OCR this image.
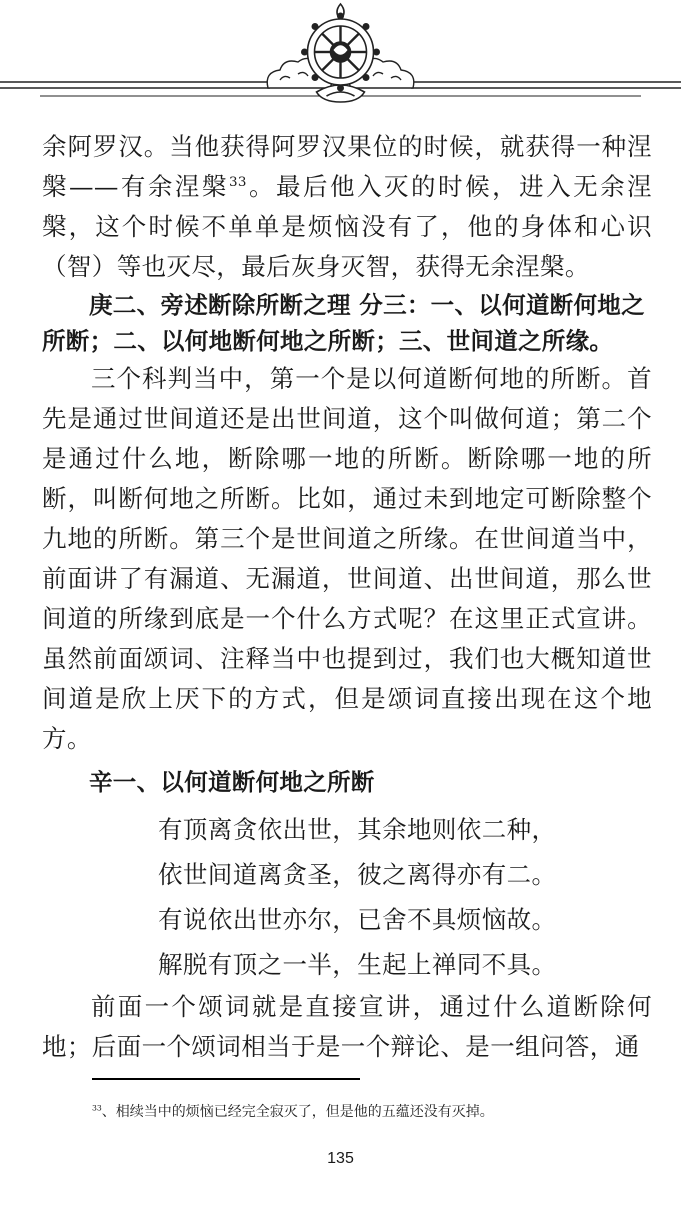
余阿罗汉。当他获得阿罗汉果位的时候，就获得一种涅槃——有余涅槃$^{33}$。最后他入灭的时候，进入无余涅槃，这个时候不单单是烦恼没有了，他的身体和心识（智）等也灭尽，最后灰身灭智，获得无余涅槃。

庚二、旁述断除所断之理 分三：一、以何道断何地之所断；二、以何地断何地之所断；三、世间道之所缘。

三个科判当中，第一个是以何道断何地的所断。首先是通过世间道还是出世间道，这个叫做何道；第二个是通过什么地，断除哪一地的所断。断除哪一地的所断，叫断何地之所断。比如，通过未到地定可断除整个九地的所断。第三个是世间道之所缘。在世间道当中，前面讲了有漏道、无漏道，世间道、出世间道，那么世间道的所缘到底是一个什么方式呢？在这里正式宣讲。虽然前面颂词、注释当中也提到过，我们也大概知道世间道是欣上厌下的方式，但是颂词直接出现在这个地方。

辛一、以何道断何地之所断
有顶离贪依出世，其余地则依二种，
依世间道离贪圣，彼之离得亦有二。
有说依出世亦尔，已舍不具烦恼故。
解脱有顶之一半，生起上禅同不具。

前面一个颂词就是直接宣讲，通过什么道断除何地；后面一个颂词相当于是一个辩论、是一组问答，通

$^{33}$、相续当中的烦恼已经完全寂灭了，但是他的五蕴还没有灭掉。
135
